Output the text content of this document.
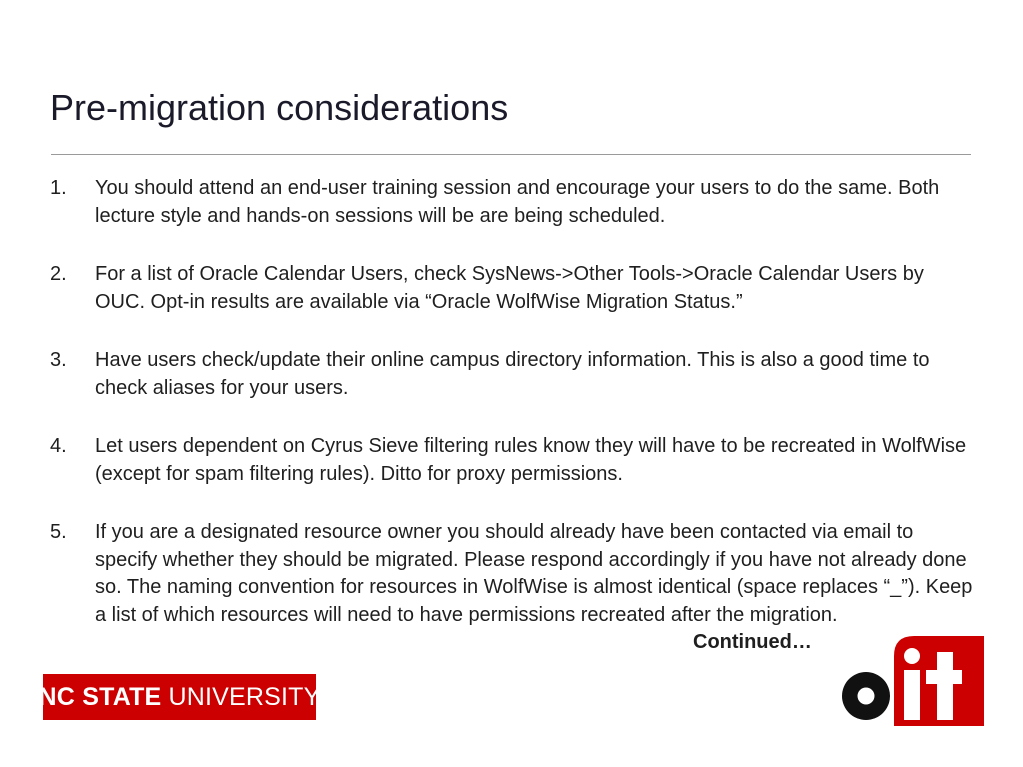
Pre-migration considerations
1. You should attend an end-user training session and encourage your users to do the same. Both lecture style and hands-on sessions will be are being scheduled.
2. For a list of Oracle Calendar Users, check SysNews->Other Tools->Oracle Calendar Users by OUC. Opt-in results are available via “Oracle WolfWise Migration Status.”
3. Have users check/update their online campus directory information. This is also a good time to check aliases for your users.
4. Let users dependent on Cyrus Sieve filtering rules know they will have to be recreated in WolfWise (except for spam filtering rules). Ditto for proxy permissions.
5. If you are a designated resource owner you should already have been contacted via email to specify whether they should be migrated. Please respond accordingly if you have not already done so. The naming convention for resources in WolfWise is almost identical (space replaces “_”). Keep a list of which resources will need to have permissions recreated after the migration.
Continued…
NC STATE UNIVERSITY
